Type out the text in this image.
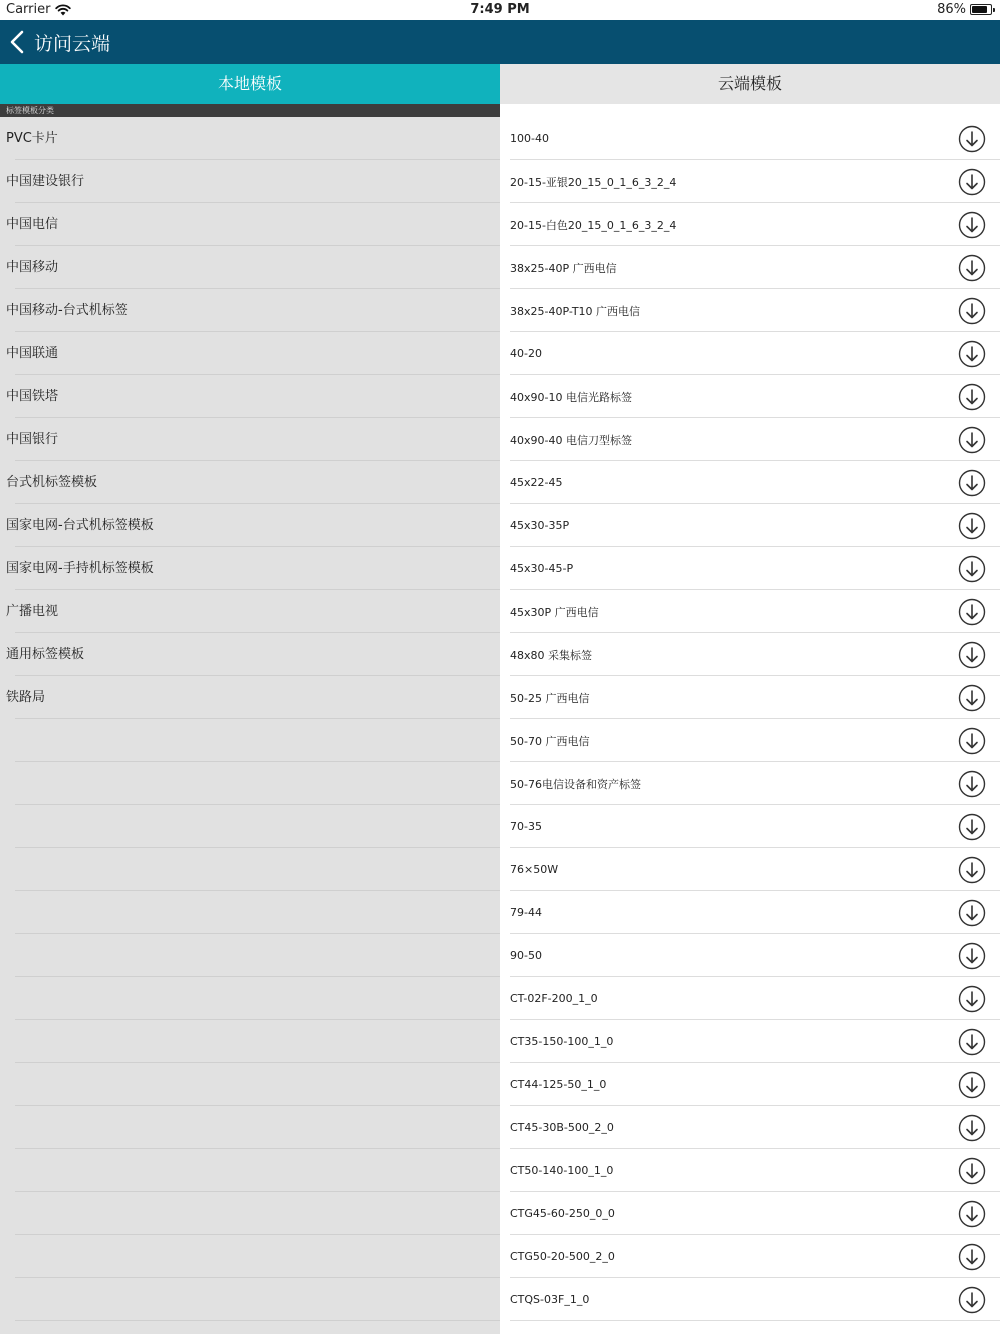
Carrier	7:49 PM	86%
访问云端
本地模板	云端模板
标签模板分类
PVC卡片
中国建设银行
中国电信
中国移动
中国移动-台式机标签
中国联通
中国铁塔
中国银行
台式机标签模板
国家电网-台式机标签模板
国家电网-手持机标签模板
广播电视
通用标签模板
铁路局
100-40
20-15-亚银20_15_0_1_6_3_2_4
20-15-白色20_15_0_1_6_3_2_4
38x25-40P 广西电信
38x25-40P-T10 广西电信
40-20
40x90-10 电信光路标签
40x90-40 电信刀型标签
45x22-45
45x30-35P
45x30-45-P
45x30P 广西电信
48x80 采集标签
50-25 广西电信
50-70 广西电信
50-76电信设备和资产标签
70-35
76×50W
79-44
90-50
CT-02F-200_1_0
CT35-150-100_1_0
CT44-125-50_1_0
CT45-30B-500_2_0
CT50-140-100_1_0
CTG45-60-250_0_0
CTG50-20-500_2_0
CTQS-03F_1_0
